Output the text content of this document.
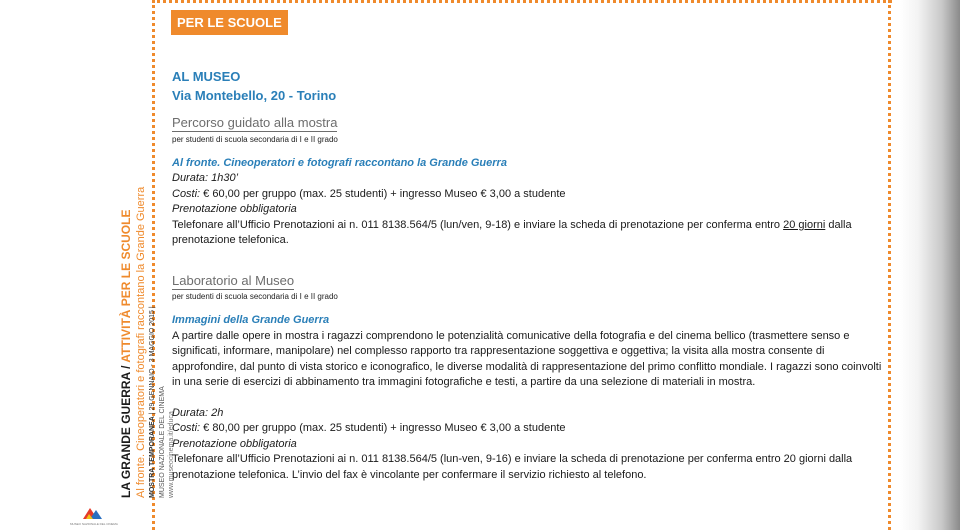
PER LE SCUOLE
LA GRANDE GUERRA / ATTIVITÀ PER LE SCUOLE Al fronte. Cineoperatori e fotografi raccontano la Grande Guerra MOSTRA TEMPORANEA | 29 GENNAIO - 3 MAGGIO 2015 |
MUSEO NAZIONALE DEL CINEMA www.museocinema.it/educa
MUSEO NAZIONALE DEL CINEMA
AL MUSEO
Via Montebello, 20 - Torino
Percorso guidato alla mostra
per studenti di scuola secondaria di I e II grado
Al fronte. Cineoperatori e fotografi raccontano la Grande Guerra

Durata: 1h30’

Costi: € 60,00 per gruppo (max. 25 studenti) + ingresso Museo € 3,00 a studente

Prenotazione obbligatoria

Telefonare all’Ufficio Prenotazioni ai n. 011 8138.564/5 (lun/ven, 9-18) e inviare la scheda di prenotazione per conferma entro 20 giorni dalla prenotazione telefonica.

Laboratorio al Museo
per studenti di scuola secondaria di I e II grado
Immagini della Grande Guerra

A partire dalle opere in mostra i ragazzi comprendono le potenzialità comunicative della fotografia e del cinema bellico (trasmettere senso e significati, informare, manipolare) nel complesso rapporto tra rappresentazione soggettiva e oggettiva; la visita alla mostra consente di approfondire, dal punto di vista storico e iconografico, le diverse modalità di rappresentazione del primo conflitto mondiale. I ragazzi sono coinvolti in una serie di esercizi di abbinamento tra immagini fotografiche e testi, a partire da una selezione di materiali in mostra.

Durata: 2h

Costi: € 80,00 per gruppo (max. 25 studenti) + ingresso Museo € 3,00 a studente

Prenotazione obbligatoria

Telefonare all’Ufficio Prenotazioni ai n. 011 8138.564/5 (lun-ven, 9-16) e inviare la scheda di prenotazione per conferma entro 20 giorni dalla prenotazione telefonica. L’invio del fax è vincolante per confermare il servizio richiesto al telefono.
